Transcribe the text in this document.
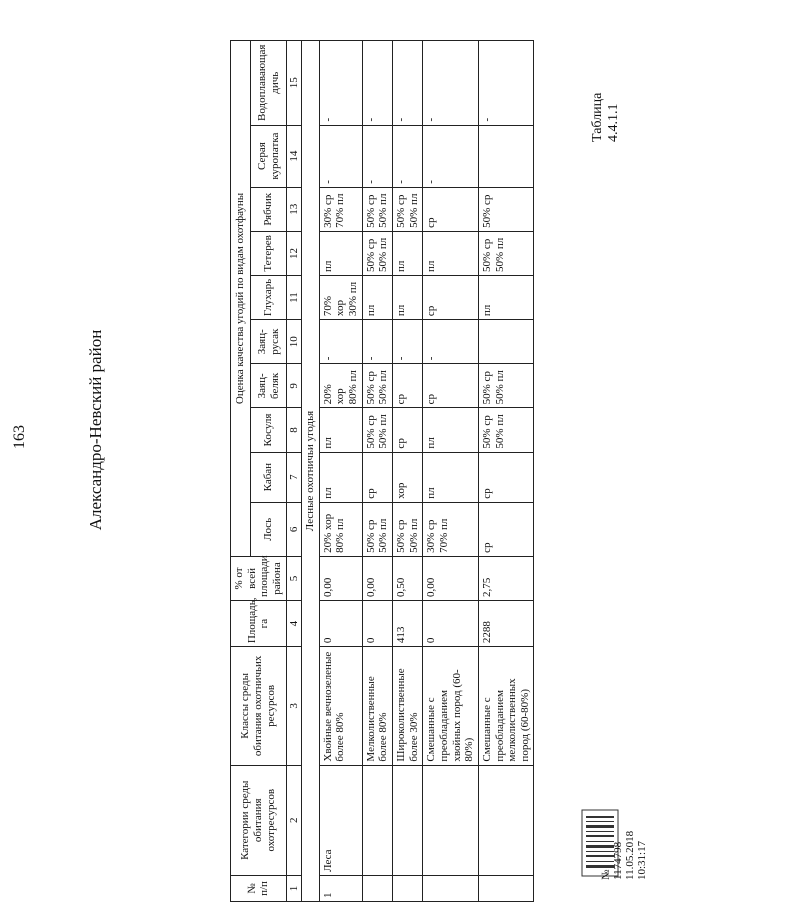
163	Александро-Невский район
Таблица 4.4.1.1
№ 1174798 11.05.2018 10:31:17
№ п/п	Категории среды обитания охотресурсов	Классы среды обитания охотничьих ресурсов	Площадь, га	% от всей площади района	Оценка качества угодий по видам охотфауны									
					Лось	Кабан	Косуля	Заяц-беляк	Заяц-русак	Глухарь	Тетерев	Рябчик	Серая куропатка	Водоплавающая дичь
1	2	3	4	5	6	7	8	9	10	11	12	13	14	15
Лесные охотничьи угодья														
1	Леса	Хвойные вечнозеленые более 80%	0	0,00	20% хор 80% пл	пл	пл	20% хор 80% пл	-	70% хор 30% пл	пл	30% ср 70% пл	-	-
		Мелколиственные более 80%	0	0,00	50% ср 50% пл	ср	50% ср 50% пл	50% ср 50% пл	-	пл	50% ср 50% пл	50% ср 50% пл	-	-
		Широколиственные более 30%	413	0,50	50% ср 50% пл	хор	ср	ср	-	пл	пл	50% ср 50% пл	-	-
		Смешанные с преобладанием хвойных пород (60-80%)	0	0,00	30% ср 70% пл	пл	пл	ср	-	ср	пл	ср	-	-
		Смешанные с преобладанием мелколиственных пород (60-80%)	2288	2,75	ср	ср	50% ср 50% пл	50% ср 50% пл		пл	50% ср 50% пл	50% ср		-
